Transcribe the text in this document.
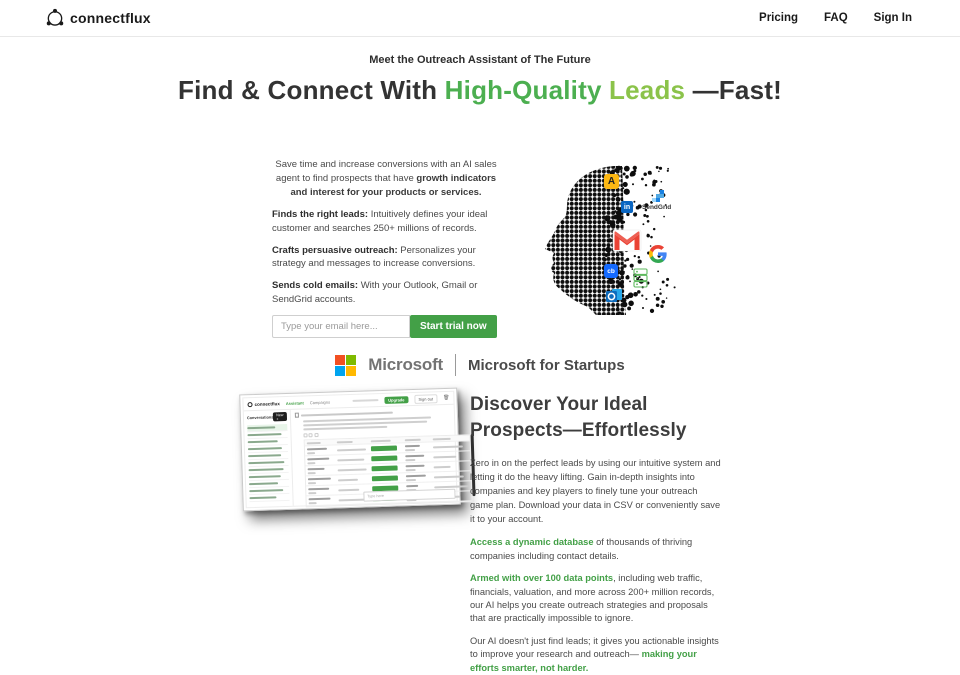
connectflux	Pricing FAQ Sign In
Meet the Outreach Assistant of The Future
Find & Connect With High-Quality Leads —Fast!

Save time and increase conversions with an AI sales agent to find prospects that have growth indicators and interest for your products or services.

Finds the right leads: Intuitively defines your ideal customer and searches 250+ millions of records.

Crafts persuasive outreach: Personalizes your strategy and messages to increase conversions.

Sends cold emails: With your Outlook, Gmail or SendGrid accounts.

Type your email here...
Start trial now
A
in	SendGrid
cb
Microsoft Microsoft for Startups
connectflux Assistant Campaigns	Upgrade	Sign out	🗑
Conversations
New +
Type here
Discover Your Ideal Prospects—Effortlessly

Zero in on the perfect leads by using our intuitive system and letting it do the heavy lifting. Gain in-depth insights into companies and key players to finely tune your outreach game plan. Download your data in CSV or conveniently save it to your account.

Access a dynamic database of thousands of thriving companies including contact details.

Armed with over 100 data points, including web traffic, financials, valuation, and more across 200+ million records, our AI helps you create outreach strategies and proposals that are practically impossible to ignore.

Our AI doesn't just find leads; it gives you actionable insights to improve your research and outreach— making your efforts smarter, not harder.
